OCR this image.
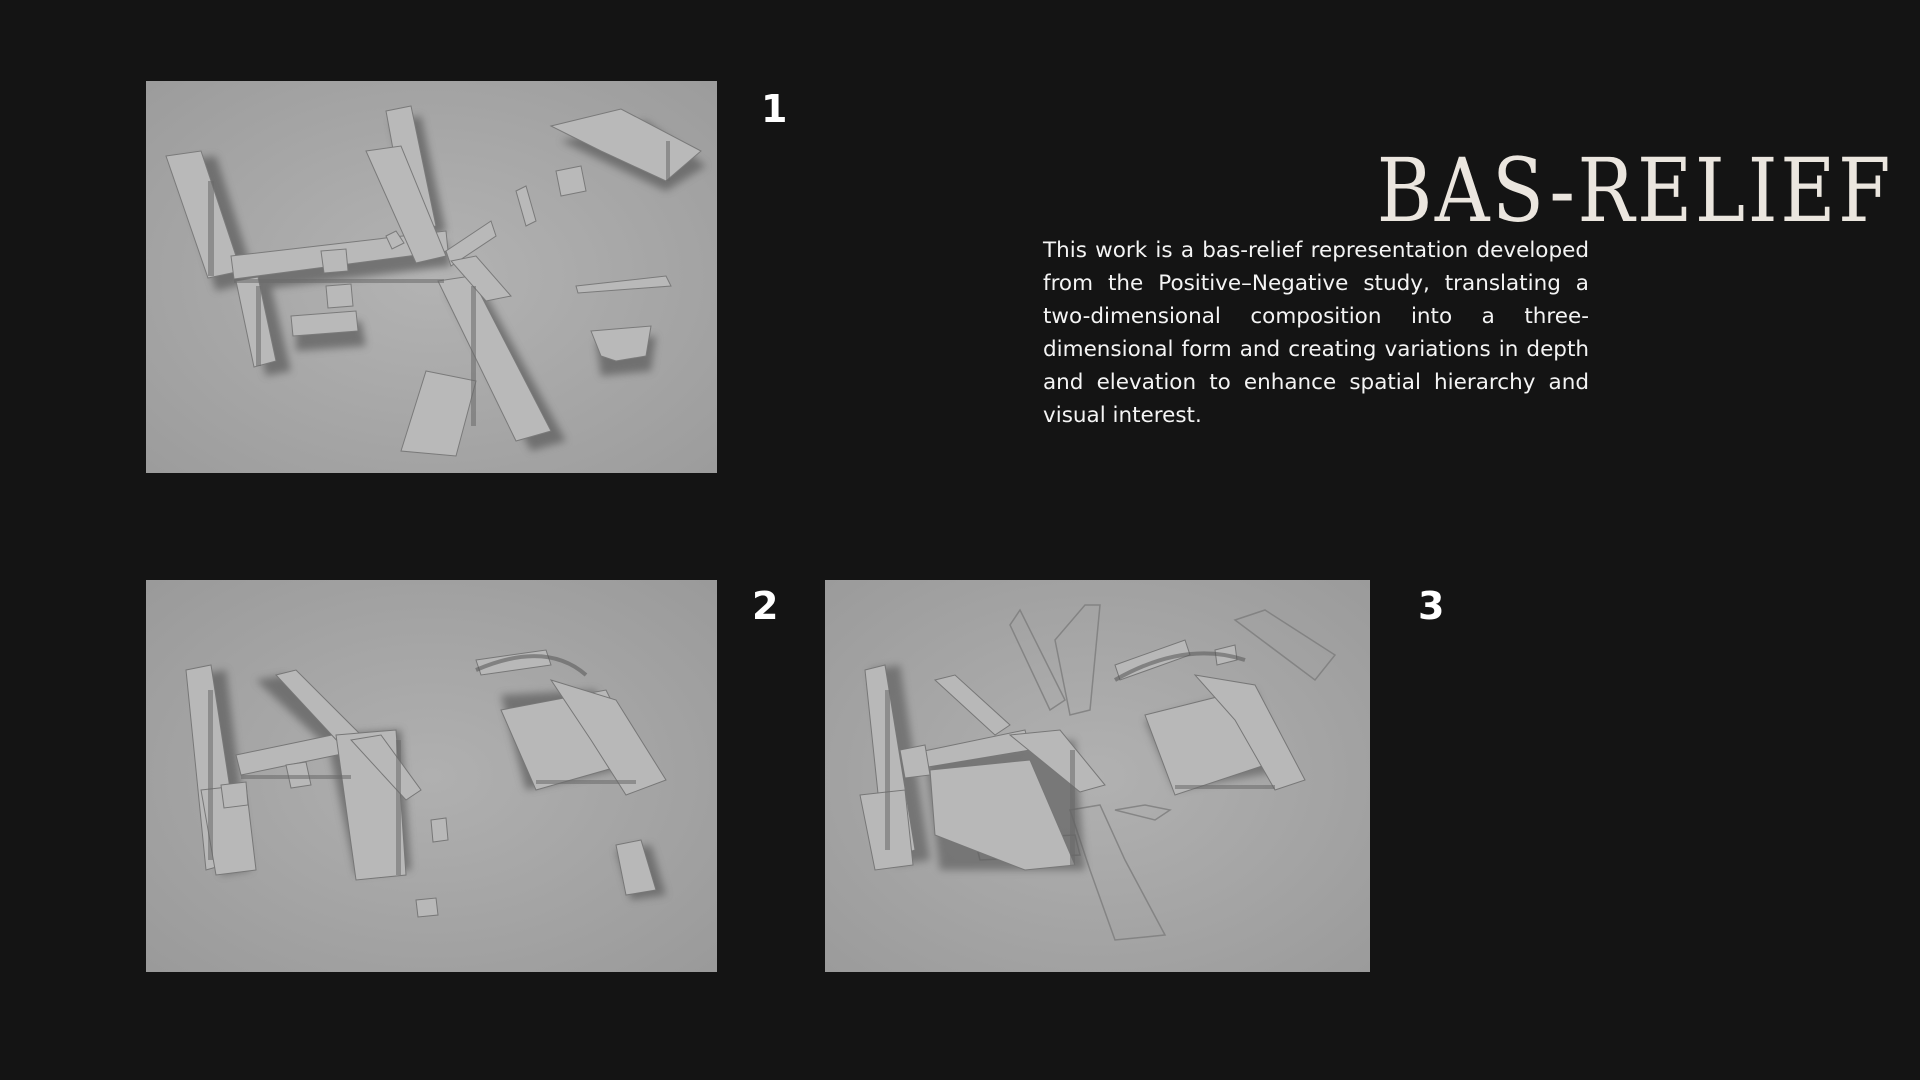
1
2	3
BAS-RELIEF

This work is a bas-relief representation developed from the Positive–Negative study, translating a two-dimensional composition into a three-dimensional form and creating variations in depth and elevation to enhance spatial hierarchy and visual interest.
